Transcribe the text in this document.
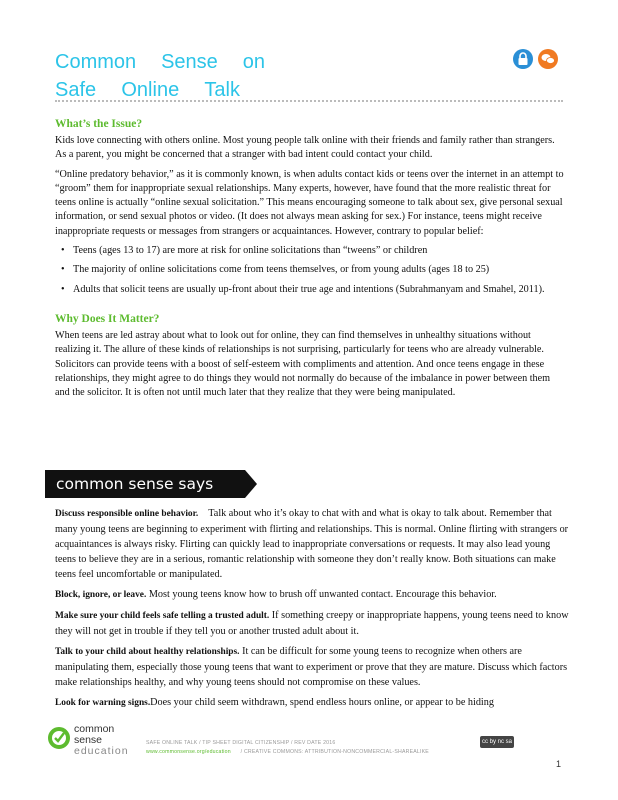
Common Sense on
Safe Online Talk
What’s the Issue?

Kids love connecting with others online. Most young people talk online with their friends and family rather than strangers. As a parent, you might be concerned that a stranger with bad intent could contact your child.

“Online predatory behavior,” as it is commonly known, is when adults contact kids or teens over the internet in an attempt to “groom” them for inappropriate sexual relationships. Many experts, however, have found that the more realistic threat for teens online is actually “online sexual solicitation.” This means encouraging someone to talk about sex, give personal sexual information, or send sexual photos or video. (It does not always mean asking for sex.) For instance, teens might receive inappropriate requests or messages from strangers or acquaintances. However, contrary to popular belief:

• Teens (ages 13 to 17) are more at risk for online solicitations than “tweens” or children
• The majority of online solicitations come from teens themselves, or from young adults (ages 18 to 25)
• Adults that solicit teens are usually up-front about their true age and intentions (Subrahmanyam and Smahel, 2011).
Why Does It Matter?

When teens are led astray about what to look out for online, they can find themselves in unhealthy situations without realizing it. The allure of these kinds of relationships is not surprising, particularly for teens who are already vulnerable. Solicitors can provide teens with a boost of self-esteem with compliments and attention. And once teens engage in these relationships, they might agree to do things they would not normally do because of the imbalance in power between them and the solicitor. It is often not until much later that they realize that they were being manipulated.

common sense says

Discuss responsible online behavior. Talk about who it’s okay to chat with and what is okay to talk about. Remember that many young teens are beginning to experiment with flirting and relationships. This is normal. Online flirting with strangers or acquaintances is always risky. Flirting can quickly lead to inappropriate conversations or requests. It may also lead young teens to believe they are in a serious, romantic relationship with someone they don’t really know. Both situations can make teens feel uncomfortable or manipulated.

Block, ignore, or leave. Most young teens know how to brush off unwanted contact. Encourage this behavior.

Make sure your child feels safe telling a trusted adult. If something creepy or inappropriate happens, young teens need to know they will not get in trouble if they tell you or another trusted adult about it.

Talk to your child about healthy relationships. It can be difficult for some young teens to recognize when others are manipulating them, especially those young teens that want to experiment or prove that they are mature. Discuss which factors make relationships healthy, and why young teens should not compromise on these values.

Look for warning signs.Does your child seem withdrawn, spend endless hours online, or appear to be hiding

common
sense
education
SAFE ONLINE TALK / TIP SHEET DIGITAL CITIZENSHIP / REV DATE 2016
www.commonsense.org/education      / CREATIVE COMMONS: ATTRIBUTION-NONCOMMERCIAL-SHAREALIKE
cc by nc sa
1
